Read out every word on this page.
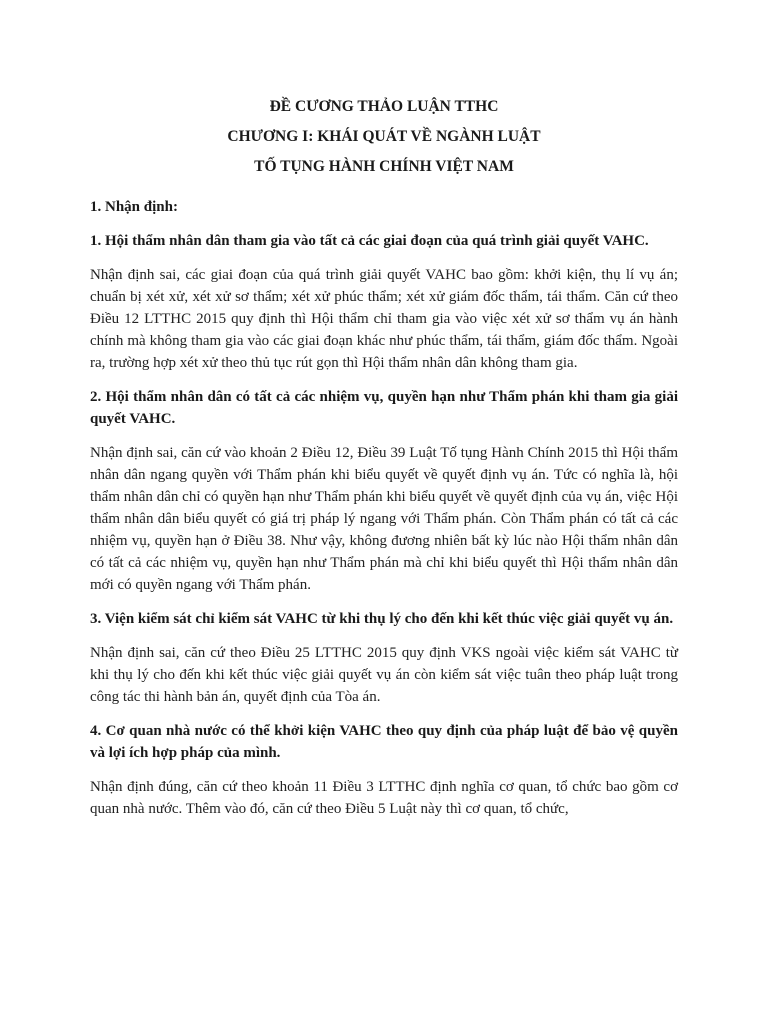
ĐỀ CƯƠNG THẢO LUẬN TTHC

CHƯƠNG I: KHÁI QUÁT VỀ NGÀNH LUẬT

TỐ TỤNG HÀNH CHÍNH VIỆT NAM

1. Nhận định:

1. Hội thẩm nhân dân tham gia vào tất cả các giai đoạn của quá trình giải quyết VAHC.

Nhận định sai, các giai đoạn của quá trình giải quyết VAHC bao gồm: khởi kiện, thụ lí vụ án; chuẩn bị xét xử, xét xử sơ thẩm; xét xử phúc thẩm; xét xử giám đốc thẩm, tái thẩm. Căn cứ theo Điều 12 LTTHC 2015 quy định thì Hội thẩm chỉ tham gia vào việc xét xử sơ thẩm vụ án hành chính mà không tham gia vào các giai đoạn khác như phúc thẩm, tái thẩm, giám đốc thẩm. Ngoài ra, trường hợp xét xử theo thủ tục rút gọn thì Hội thẩm nhân dân không tham gia.

2. Hội thẩm nhân dân có tất cả các nhiệm vụ, quyền hạn như Thẩm phán khi tham gia giải quyết VAHC.

Nhận định sai, căn cứ vào khoản 2 Điều 12, Điều 39 Luật Tố tụng Hành Chính 2015 thì Hội thẩm nhân dân ngang quyền với Thẩm phán khi biểu quyết về quyết định vụ án. Tức có nghĩa là, hội thẩm nhân dân chỉ có quyền hạn như Thẩm phán khi biểu quyết về quyết định của vụ án, việc Hội thẩm nhân dân biểu quyết có giá trị pháp lý ngang với Thẩm phán. Còn Thẩm phán có tất cả các nhiệm vụ, quyền hạn ở Điều 38. Như vậy, không đương nhiên bất kỳ lúc nào Hội thẩm nhân dân có tất cả các nhiệm vụ, quyền hạn như Thẩm phán mà chỉ khi biểu quyết thì Hội thẩm nhân dân mới có quyền ngang với Thẩm phán.

3. Viện kiểm sát chỉ kiểm sát VAHC từ khi thụ lý cho đến khi kết thúc việc giải quyết vụ án.

Nhận định sai, căn cứ theo Điều 25 LTTHC 2015 quy định VKS ngoài việc kiểm sát VAHC từ khi thụ lý cho đến khi kết thúc việc giải quyết vụ án còn kiểm sát việc tuân theo pháp luật trong công tác thi hành bản án, quyết định của Tòa án.

4. Cơ quan nhà nước có thể khởi kiện VAHC theo quy định của pháp luật để bảo vệ quyền và lợi ích hợp pháp của mình.

Nhận định đúng, căn cứ theo khoản 11 Điều 3 LTTHC định nghĩa cơ quan, tổ chức bao gồm cơ quan nhà nước. Thêm vào đó, căn cứ theo Điều 5 Luật này thì cơ quan, tổ chức,
